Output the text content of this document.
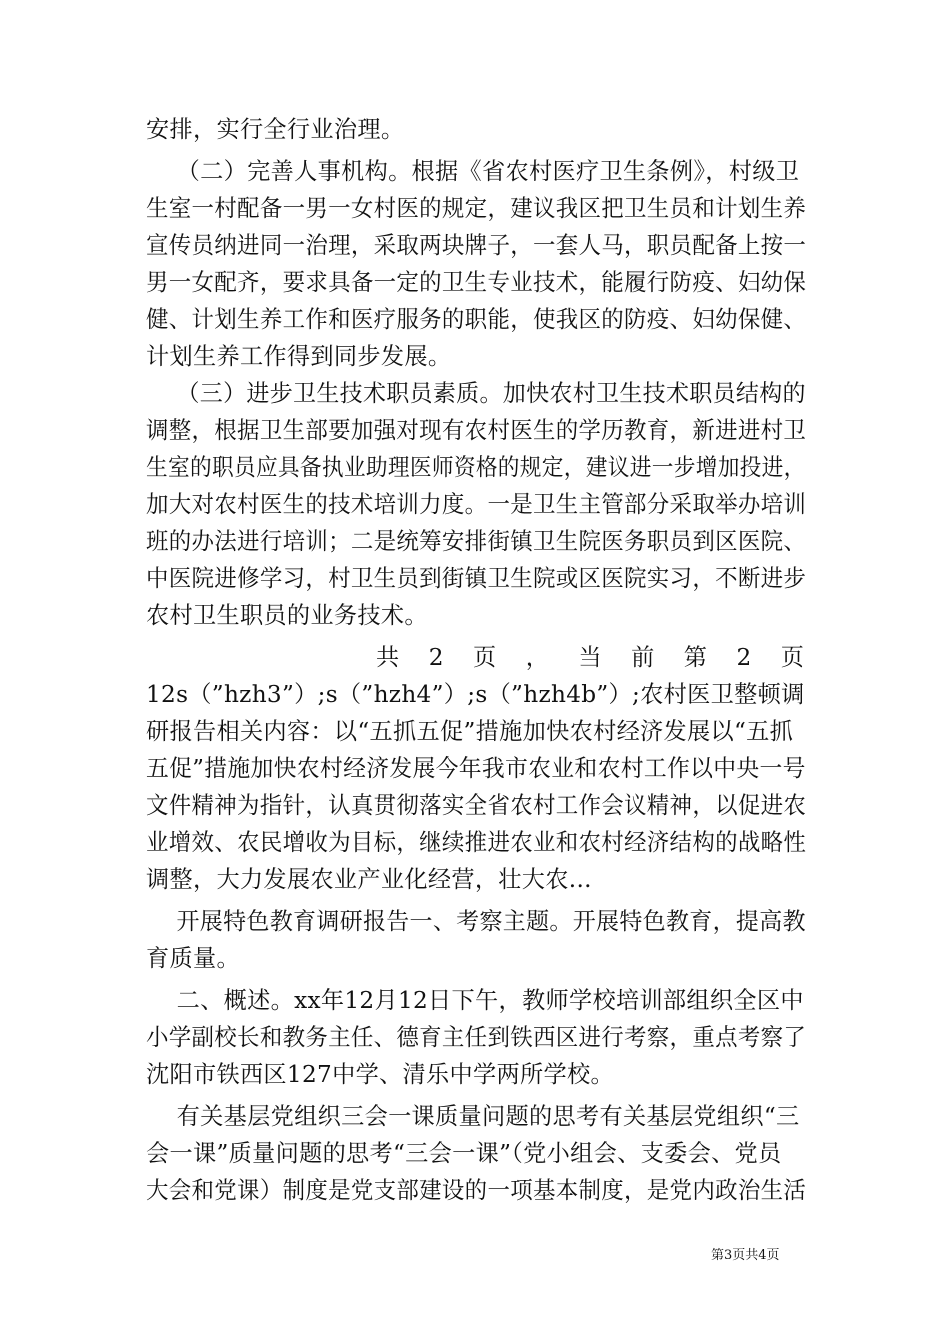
安排，实行全行业治理。
（二）完善人事机构。根据《省农村医疗卫生条例》，村级卫
生室一村配备一男一女村医的规定，建议我区把卫生员和计划生养
宣传员纳进同一治理，采取两块牌子，一套人马，职员配备上按一
男一女配齐，要求具备一定的卫生专业技术，能履行防疫、妇幼保
健、计划生养工作和医疗服务的职能，使我区的防疫、妇幼保健、
计划生养工作得到同步发展。
（三）进步卫生技术职员素质。加快农村卫生技术职员结构的
调整，根据卫生部要加强对现有农村医生的学历教育，新进进村卫
生室的职员应具备执业助理医师资格的规定，建议进一步增加投进，
加大对农村医生的技术培训力度。一是卫生主管部分采取举办培训
班的办法进行培训；二是统筹安排街镇卫生院医务职员到区医院、
中医院进修学习，村卫生员到街镇卫生院或区医院实习，不断进步
农村卫生职员的业务技术。
共 2 页 ， 当 前 第 2 页
12s（”hzh3”）;s（”hzh4”）;s（”hzh4b”）;农村医卫整顿调
研报告相关内容：以“五抓五促”措施加快农村经济发展以“五抓
五促”措施加快农村经济发展今年我市农业和农村工作以中央一号
文件精神为指针，认真贯彻落实全省农村工作会议精神，以促进农
业增效、农民增收为目标，继续推进农业和农村经济结构的战略性
调整，大力发展农业产业化经营，壮大农...
开展特色教育调研报告一、考察主题。开展特色教育，提高教
育质量。
二、概述。xx年12月12日下午，教师学校培训部组织全区中
小学副校长和教务主任、德育主任到铁西区进行考察，重点考察了
沈阳市铁西区127中学、清乐中学两所学校。
有关基层党组织三会一课质量问题的思考有关基层党组织“三
会一课”质量问题的思考“三会一课”（党小组会、支委会、党员
大会和党课）制度是党支部建设的一项基本制度，是党内政治生活
第3页共4页
